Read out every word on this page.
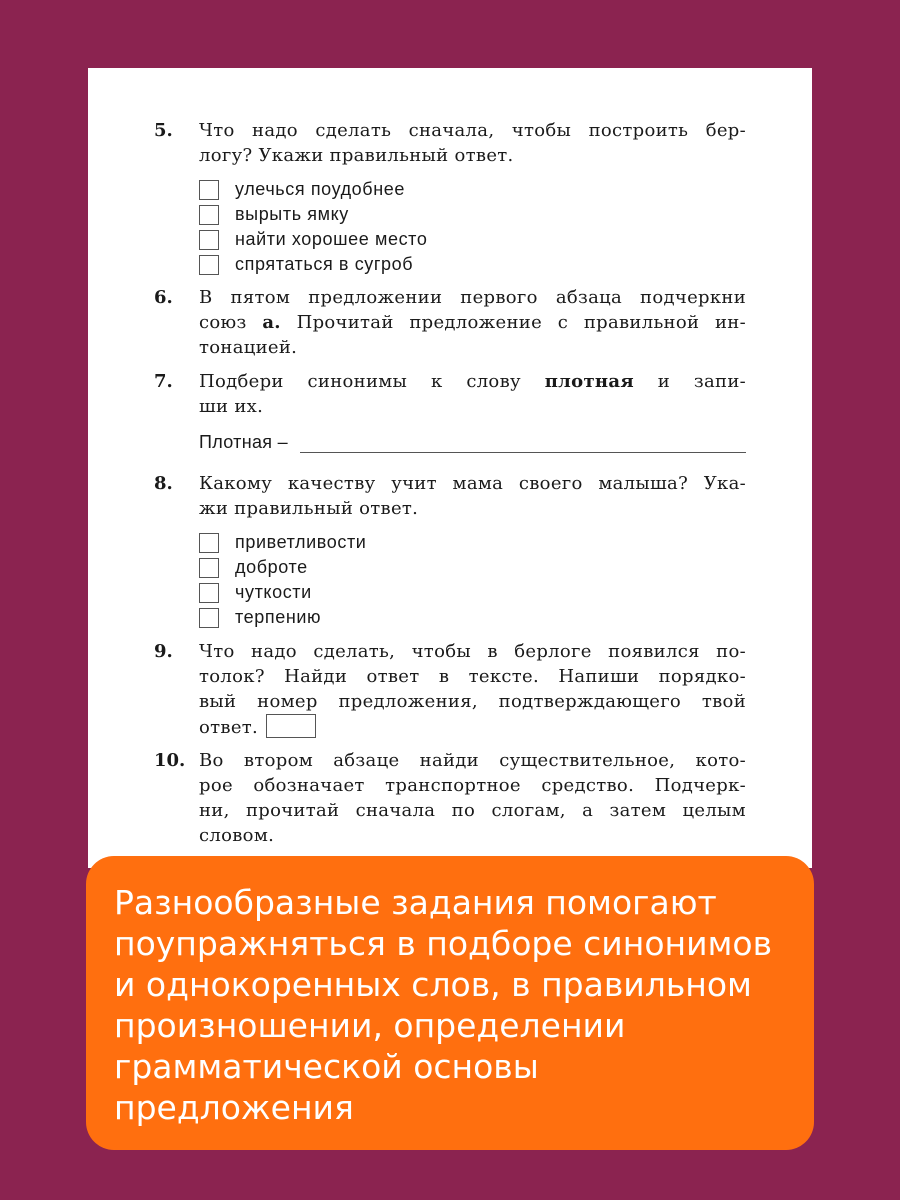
5. Что надо сделать сначала, чтобы построить бер-
логу? Укажи правильный ответ.
улечься поудобнее
вырыть ямку
найти хорошее место
спрятаться в сугроб
6. В пятом предложении первого абзаца подчеркни
союз а. Прочитай предложение с правильной ин-
тонацией.
7. Подбери синонимы к слову плотная и запи-
ши их.
Плотная –
8. Какому качеству учит мама своего малыша? Ука-
жи правильный ответ.
приветливости
доброте
чуткости
терпению
9. Что надо сделать, чтобы в берлоге появился по-
толок? Найди ответ в тексте. Напиши порядко-
вый номер предложения, подтверждающего твой
ответ.
10. Во втором абзаце найди существительное, кото-
рое обозначает транспортное средство. Подчерк-
ни, прочитай сначала по слогам, а затем целым
словом.
Разнообразные задания помогают
поупражняться в подборе синонимов
и однокоренных слов, в правильном
произношении, определении
грамматической основы
предложения
